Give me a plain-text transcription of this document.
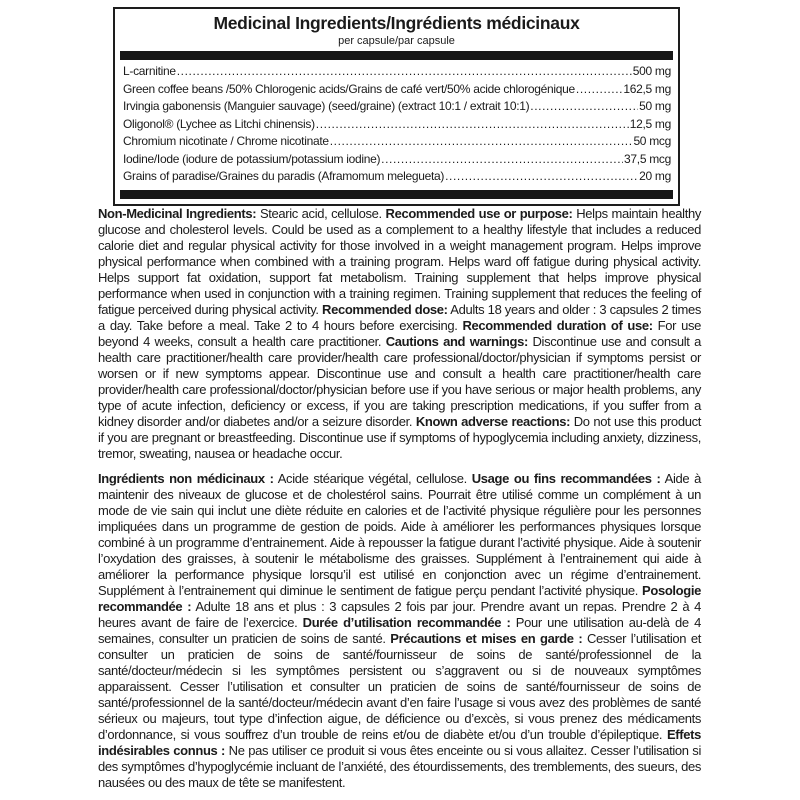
Medicinal Ingredients/Ingrédients médicinaux
per capsule/par capsule
L-carnitine .....	500 mg
Green coffee beans /50% Chlorogenic acids/Grains de café vert/50% acide chlorogénique .....	162,5 mg
Irvingia gabonensis (Manguier sauvage) (seed/graine) (extract 10:1 / extrait 10:1) .....	50 mg
Oligonol® (Lychee as Litchi chinensis) .....	12,5 mg
Chromium nicotinate / Chrome nicotinate .....	50 mcg
Iodine/Iode (iodure de potassium/potassium iodine) .....	37,5 mcg
Grains of paradise/Graines du paradis (Aframomum melegueta) .....	20 mg

Non-Medicinal Ingredients: Stearic acid, cellulose. Recommended use or purpose: Helps maintain healthy glucose and cholesterol levels. Could be used as a complement to a healthy lifestyle that includes a reduced calorie diet and regular physical activity for those involved in a weight management program. Helps improve physical performance when combined with a training program. Helps ward off fatigue during physical activity. Helps support fat oxidation, support fat metabolism. Training supplement that helps improve physical performance when used in conjunction with a training regimen. Training supplement that reduces the feeling of fatigue perceived during physical activity. Recommended dose: Adults 18 years and older : 3 capsules 2 times a day. Take before a meal. Take 2 to 4 hours before exercising. Recommended duration of use: For use beyond 4 weeks, consult a health care practitioner. Cautions and warnings: Discontinue use and consult a health care practitioner/health care provider/health care professional/doctor/physician if symptoms persist or worsen or if new symptoms appear. Discontinue use and consult a health care practitioner/health care provider/health care professional/doctor/physician before use if you have serious or major health problems, any type of acute infection, deficiency or excess, if you are taking prescription medications, if you suffer from a kidney disorder and/or diabetes and/or a seizure disorder. Known adverse reactions: Do not use this product if you are pregnant or breastfeeding. Discontinue use if symptoms of hypoglycemia including anxiety, dizziness, tremor, sweating, nausea or headache occur.

Ingrédients non médicinaux : Acide stéarique végétal, cellulose. Usage ou fins recommandées : Aide à maintenir des niveaux de glucose et de cholestérol sains. Pourrait être utilisé comme un complément à un mode de vie sain qui inclut une diète réduite en calories et de l’activité physique régulière pour les personnes impliquées dans un programme de gestion de poids. Aide à améliorer les performances physiques lorsque combiné à un programme d’entrainement. Aide à repousser la fatigue durant l’activité physique. Aide à soutenir l’oxydation des graisses, à soutenir le métabolisme des graisses. Supplément à l’entrainement qui aide à améliorer la performance physique lorsqu’il est utilisé en conjonction avec un régime d’entrainement. Supplément à l’entrainement qui diminue le sentiment de fatigue perçu pendant l’activité physique. Posologie recommandée : Adulte 18 ans et plus : 3 capsules 2 fois par jour. Prendre avant un repas. Prendre 2 à 4 heures avant de faire de l’exercice. Durée d’utilisation recommandée : Pour une utilisation au-delà de 4 semaines, consulter un praticien de soins de santé. Précautions et mises en garde : Cesser l’utilisation et consulter un praticien de soins de santé/fournisseur de soins de santé/professionnel de la santé/docteur/médecin si les symptômes persistent ou s’aggravent ou si de nouveaux symptômes apparaissent. Cesser l’utilisation et consulter un praticien de soins de santé/fournisseur de soins de santé/professionnel de la santé/docteur/médecin avant d’en faire l’usage si vous avez des problèmes de santé sérieux ou majeurs, tout type d’infection aigue, de déficience ou d’excès, si vous prenez des médicaments d’ordonnance, si vous souffrez d’un trouble de reins et/ou de diabète et/ou d’un trouble d’épileptique. Effets indésirables connus : Ne pas utiliser ce produit si vous êtes enceinte ou si vous allaitez. Cesser l’utilisation si des symptômes d’hypoglycémie incluant de l’anxiété, des étourdissements, des tremblements, des sueurs, des nausées ou des maux de tête se manifestent.
